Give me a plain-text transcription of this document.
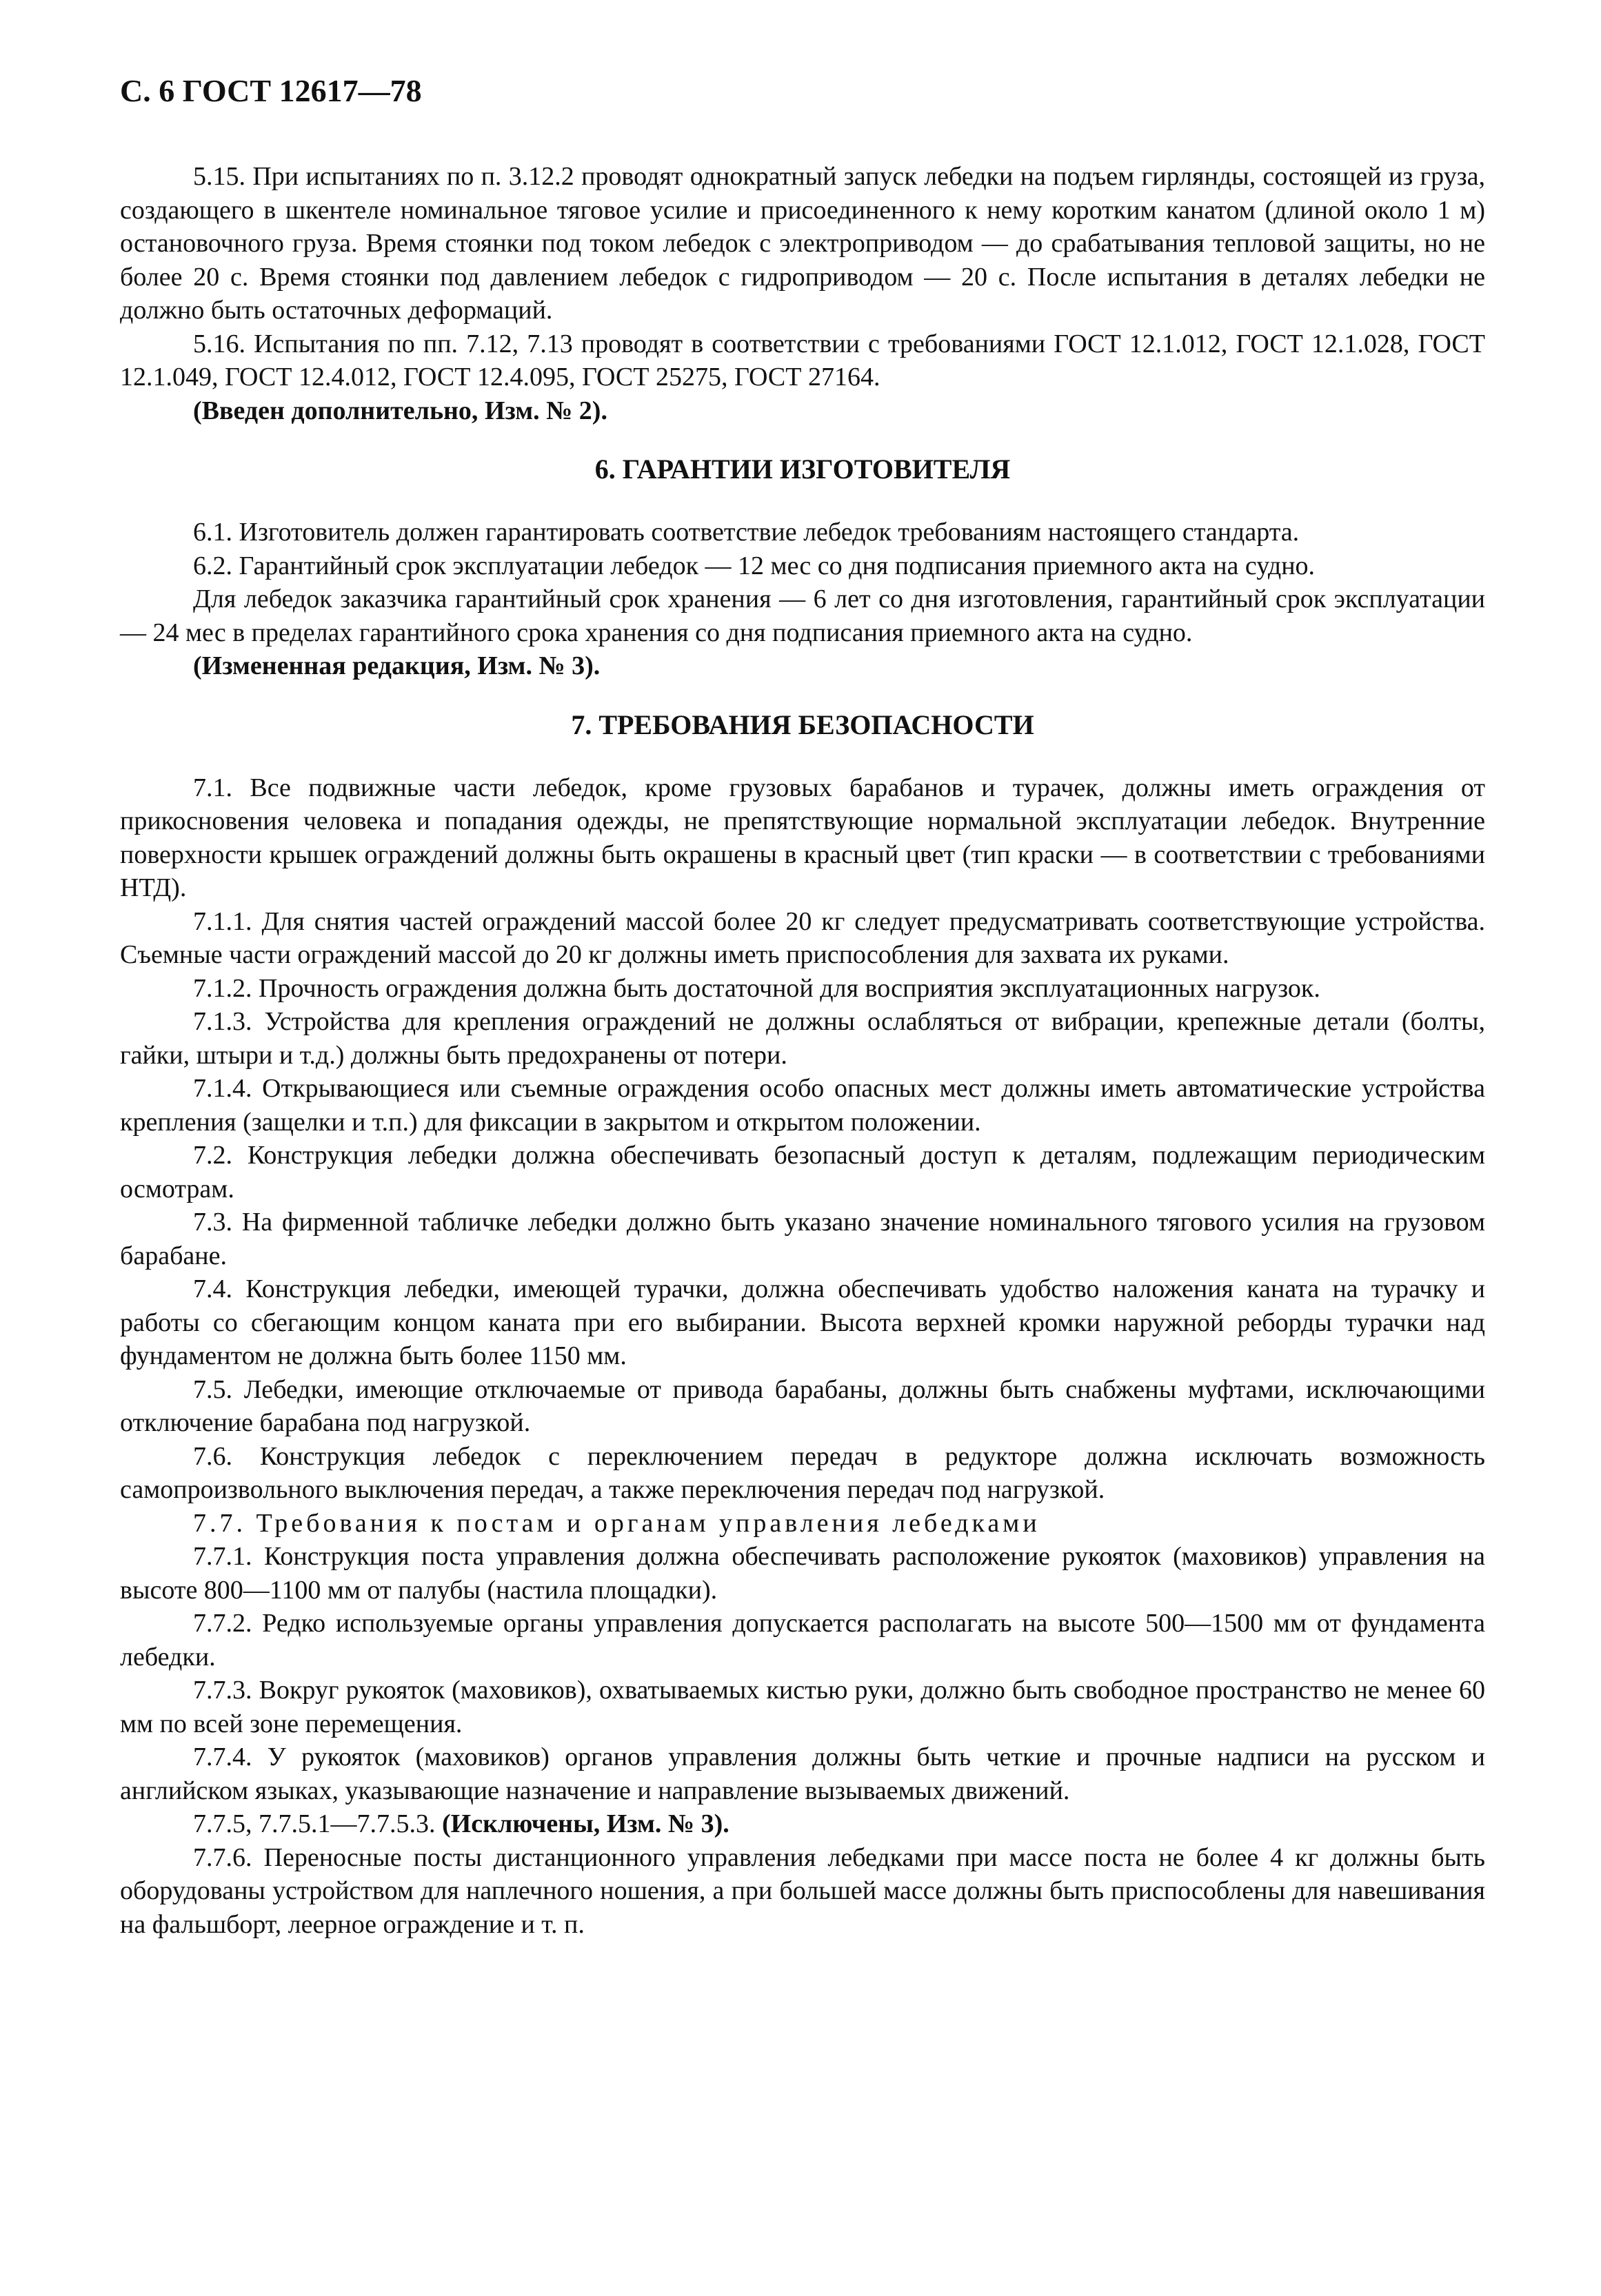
С. 6 ГОСТ 12617—78

5.15. При испытаниях по п. 3.12.2 проводят однократный запуск лебедки на подъем гирлянды, состоящей из груза, создающего в шкентеле номинальное тяговое усилие и присоединенного к нему коротким канатом (длиной около 1 м) остановочного груза. Время стоянки под током лебедок с электроприводом — до срабатывания тепловой защиты, но не более 20 с. Время стоянки под давлением лебедок с гидроприводом — 20 с. После испытания в деталях лебедки не должно быть остаточных деформаций.

5.16. Испытания по пп. 7.12, 7.13 проводят в соответствии с требованиями ГОСТ 12.1.012, ГОСТ 12.1.028, ГОСТ 12.1.049, ГОСТ 12.4.012, ГОСТ 12.4.095, ГОСТ 25275, ГОСТ 27164.

(Введен дополнительно, Изм. № 2).

6. ГАРАНТИИ ИЗГОТОВИТЕЛЯ

6.1. Изготовитель должен гарантировать соответствие лебедок требованиям настоящего стандарта.

6.2. Гарантийный срок эксплуатации лебедок — 12 мес со дня подписания приемного акта на судно.

Для лебедок заказчика гарантийный срок хранения — 6 лет со дня изготовления, гарантийный срок эксплуатации — 24 мес в пределах гарантийного срока хранения со дня подписания приемного акта на судно.

(Измененная редакция, Изм. № 3).

7. ТРЕБОВАНИЯ БЕЗОПАСНОСТИ

7.1. Все подвижные части лебедок, кроме грузовых барабанов и турачек, должны иметь ограждения от прикосновения человека и попадания одежды, не препятствующие нормальной эксплуатации лебедок. Внутренние поверхности крышек ограждений должны быть окрашены в красный цвет (тип краски — в соответствии с требованиями НТД).

7.1.1. Для снятия частей ограждений массой более 20 кг следует предусматривать соответствующие устройства. Съемные части ограждений массой до 20 кг должны иметь приспособления для захвата их руками.

7.1.2. Прочность ограждения должна быть достаточной для восприятия эксплуатационных нагрузок.

7.1.3. Устройства для крепления ограждений не должны ослабляться от вибрации, крепежные детали (болты, гайки, штыри и т.д.) должны быть предохранены от потери.

7.1.4. Открывающиеся или съемные ограждения особо опасных мест должны иметь автоматические устройства крепления (защелки и т.п.) для фиксации в закрытом и открытом положении.

7.2. Конструкция лебедки должна обеспечивать безопасный доступ к деталям, подлежащим периодическим осмотрам.

7.3. На фирменной табличке лебедки должно быть указано значение номинального тягового усилия на грузовом барабане.

7.4. Конструкция лебедки, имеющей турачки, должна обеспечивать удобство наложения каната на турачку и работы со сбегающим концом каната при его выбирании. Высота верхней кромки наружной реборды турачки над фундаментом не должна быть более 1150 мм.

7.5. Лебедки, имеющие отключаемые от привода барабаны, должны быть снабжены муфтами, исключающими отключение барабана под нагрузкой.

7.6. Конструкция лебедок с переключением передач в редукторе должна исключать возможность самопроизвольного выключения передач, а также переключения передач под нагрузкой.

7.7. Требования к постам и органам управления лебедками

7.7.1. Конструкция поста управления должна обеспечивать расположение рукояток (маховиков) управления на высоте 800—1100 мм от палубы (настила площадки).

7.7.2. Редко используемые органы управления допускается располагать на высоте 500—1500 мм от фундамента лебедки.

7.7.3. Вокруг рукояток (маховиков), охватываемых кистью руки, должно быть свободное пространство не менее 60 мм по всей зоне перемещения.

7.7.4. У рукояток (маховиков) органов управления должны быть четкие и прочные надписи на русском и английском языках, указывающие назначение и направление вызываемых движений.

7.7.5, 7.7.5.1—7.7.5.3. (Исключены, Изм. № 3).

7.7.6. Переносные посты дистанционного управления лебедками при массе поста не более 4 кг должны быть оборудованы устройством для наплечного ношения, а при большей массе должны быть приспособлены для навешивания на фальшборт, леерное ограждение и т. п.
